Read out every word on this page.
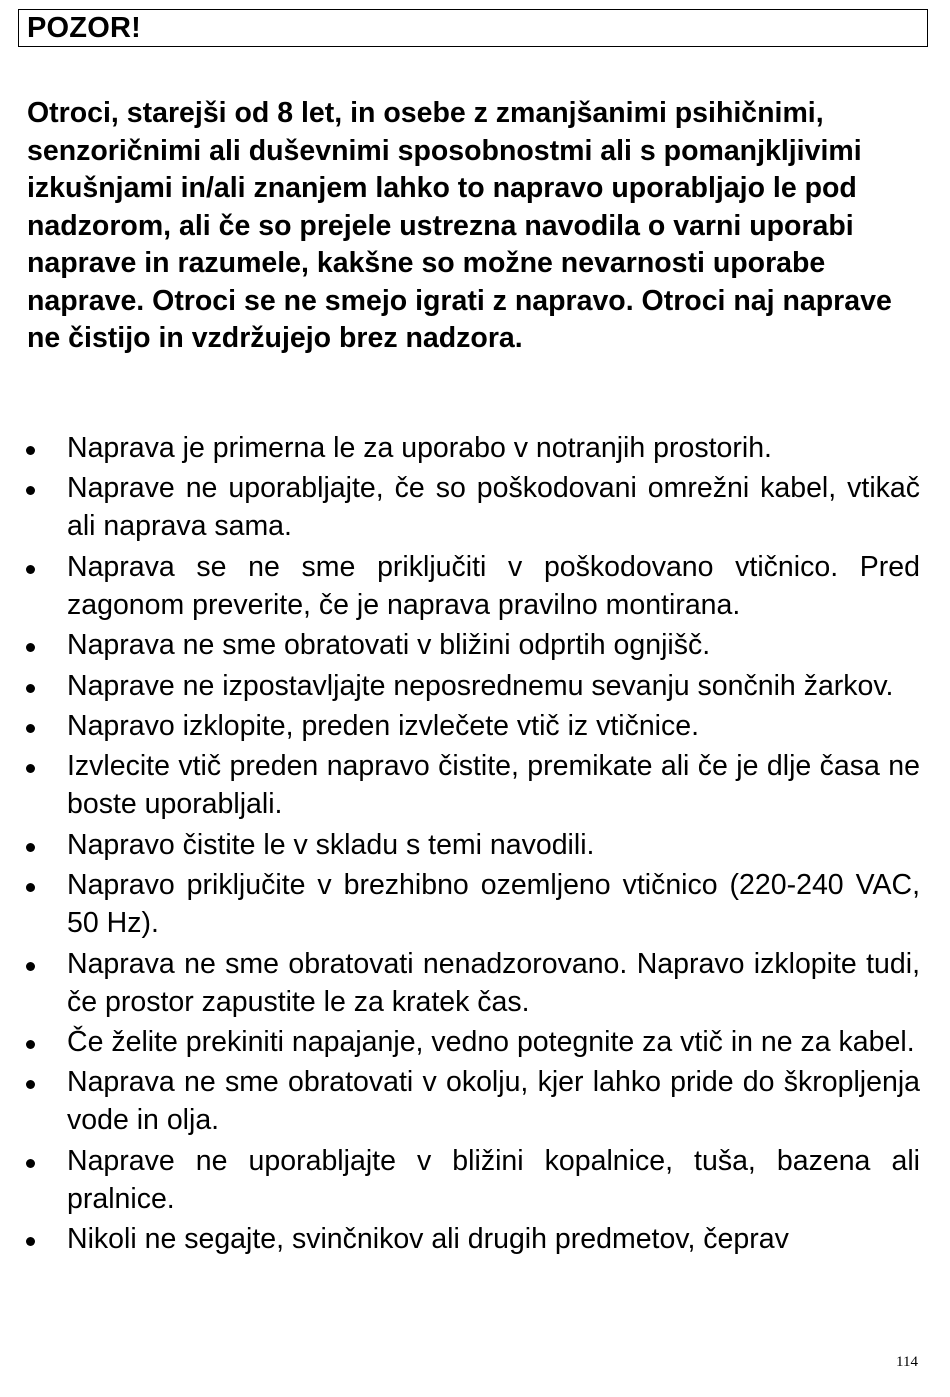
POZOR!

Otroci, starejši od 8 let, in osebe z zmanjšanimi psihičnimi, senzoričnimi ali duševnimi sposobnostmi ali s pomanjkljivimi izkušnjami in/ali znanjem lahko to napravo uporabljajo le pod nadzorom, ali če so prejele ustrezna navodila o varni uporabi naprave in razumele, kakšne so možne nevarnosti uporabe naprave. Otroci se ne smejo igrati z napravo. Otroci naj naprave ne čistijo in vzdržujejo brez nadzora.

Naprava je primerna le za uporabo v notranjih prostorih.
Naprave ne uporabljajte, če so poškodovani omrežni kabel, vtikač ali naprava sama.
Naprava se ne sme priključiti v poškodovano vtičnico. Pred zagonom preverite, če je naprava pravilno montirana.
Naprava ne sme obratovati v bližini odprtih ognjišč.
Naprave ne izpostavljajte neposrednemu sevanju sončnih žarkov.
Napravo izklopite, preden izvlečete vtič iz vtičnice.
Izvlecite vtič preden napravo čistite, premikate ali če je dlje časa ne boste uporabljali.
Napravo čistite le v skladu s temi navodili.
Napravo priključite v brezhibno ozemljeno vtičnico (220-240 VAC, 50 Hz).
Naprava ne sme obratovati nenadzorovano. Napravo izklopite tudi, če prostor zapustite le za kratek čas.
Če želite prekiniti napajanje, vedno potegnite za vtič in ne za kabel.
Naprava ne sme obratovati v okolju, kjer lahko pride do škropljenja vode in olja.
Naprave ne uporabljajte v bližini kopalnice, tuša, bazena ali pralnice.
Nikoli ne segajte, svinčnikov ali drugih predmetov, čeprav
114
